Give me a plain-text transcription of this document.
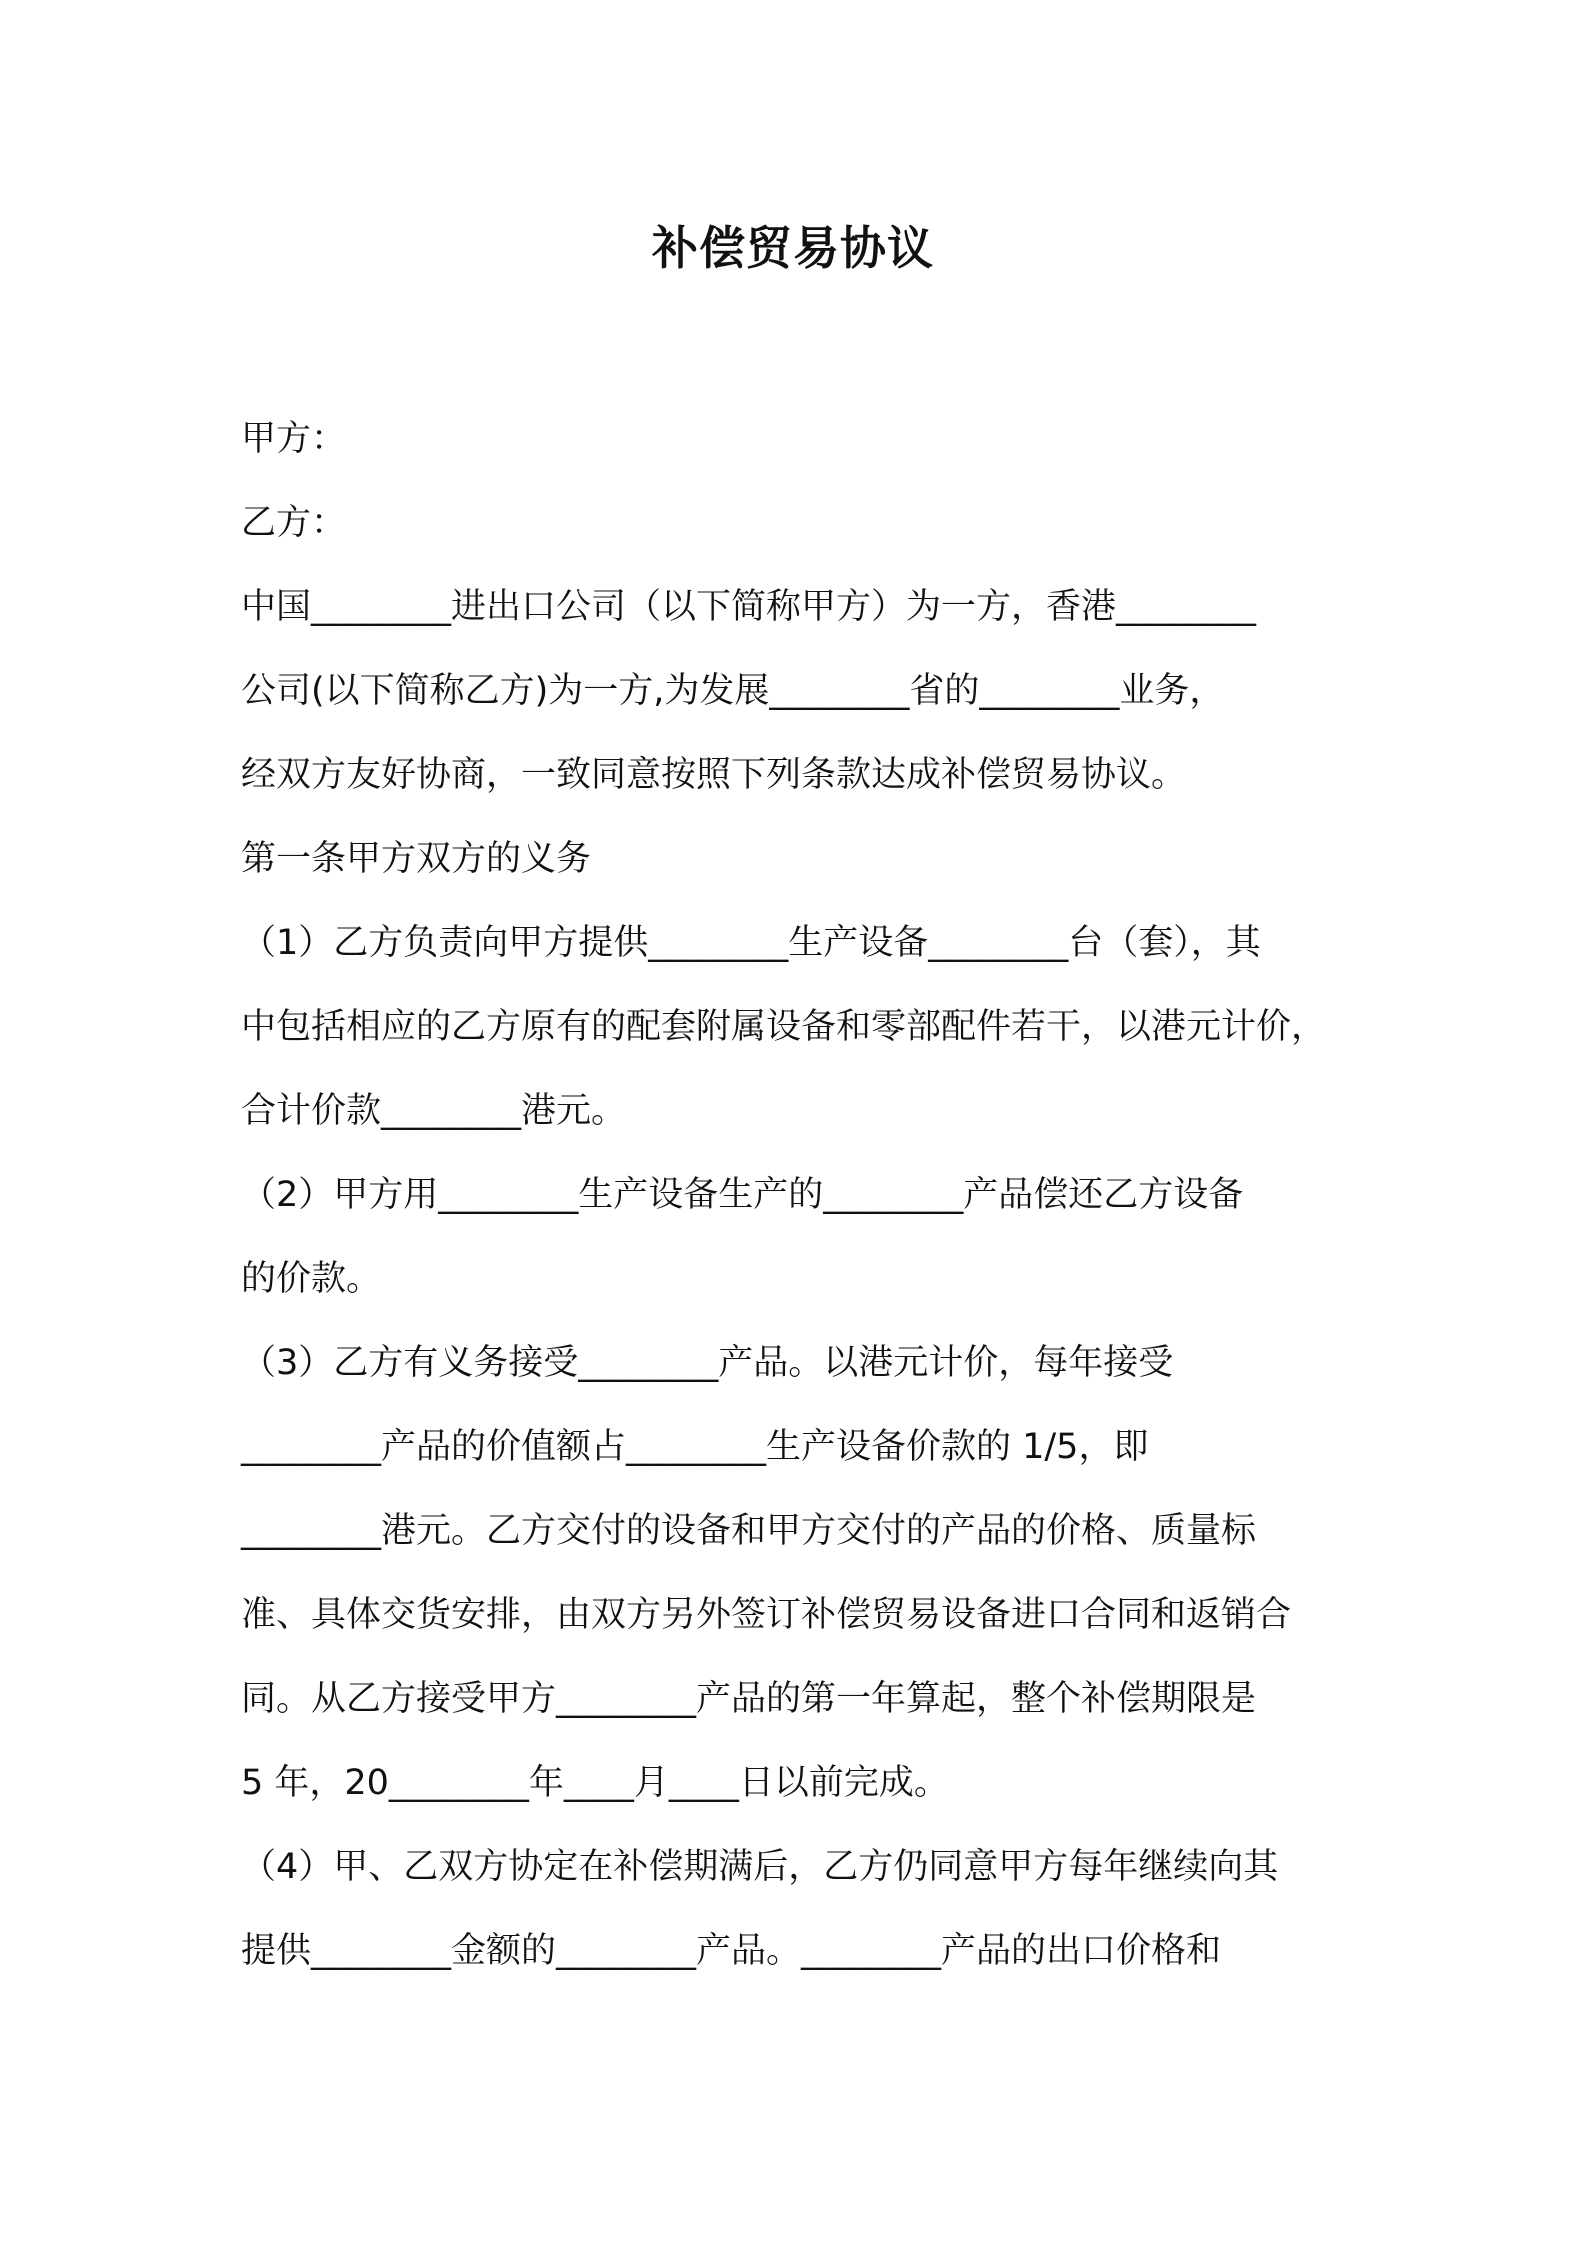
补偿贸易协议
甲方：
乙方：
中国________进出口公司（以下简称甲方）为一方，香港________
公司(以下简称乙方)为一方,为发展________省的________业务，
经双方友好协商，一致同意按照下列条款达成补偿贸易协议。
第一条甲方双方的义务
（1）乙方负责向甲方提供________生产设备________台（套），其
中包括相应的乙方原有的配套附属设备和零部配件若干，以港元计价，
合计价款________港元。
（2）甲方用________生产设备生产的________产品偿还乙方设备
的价款。
（3）乙方有义务接受________产品。以港元计价，每年接受
________产品的价值额占________生产设备价款的 1/5，即
________港元。乙方交付的设备和甲方交付的产品的价格、质量标
准、具体交货安排，由双方另外签订补偿贸易设备进口合同和返销合
同。从乙方接受甲方________产品的第一年算起，整个补偿期限是
5 年，20________年____月____日以前完成。
（4）甲、乙双方协定在补偿期满后，乙方仍同意甲方每年继续向其
提供________金额的________产品。________产品的出口价格和
